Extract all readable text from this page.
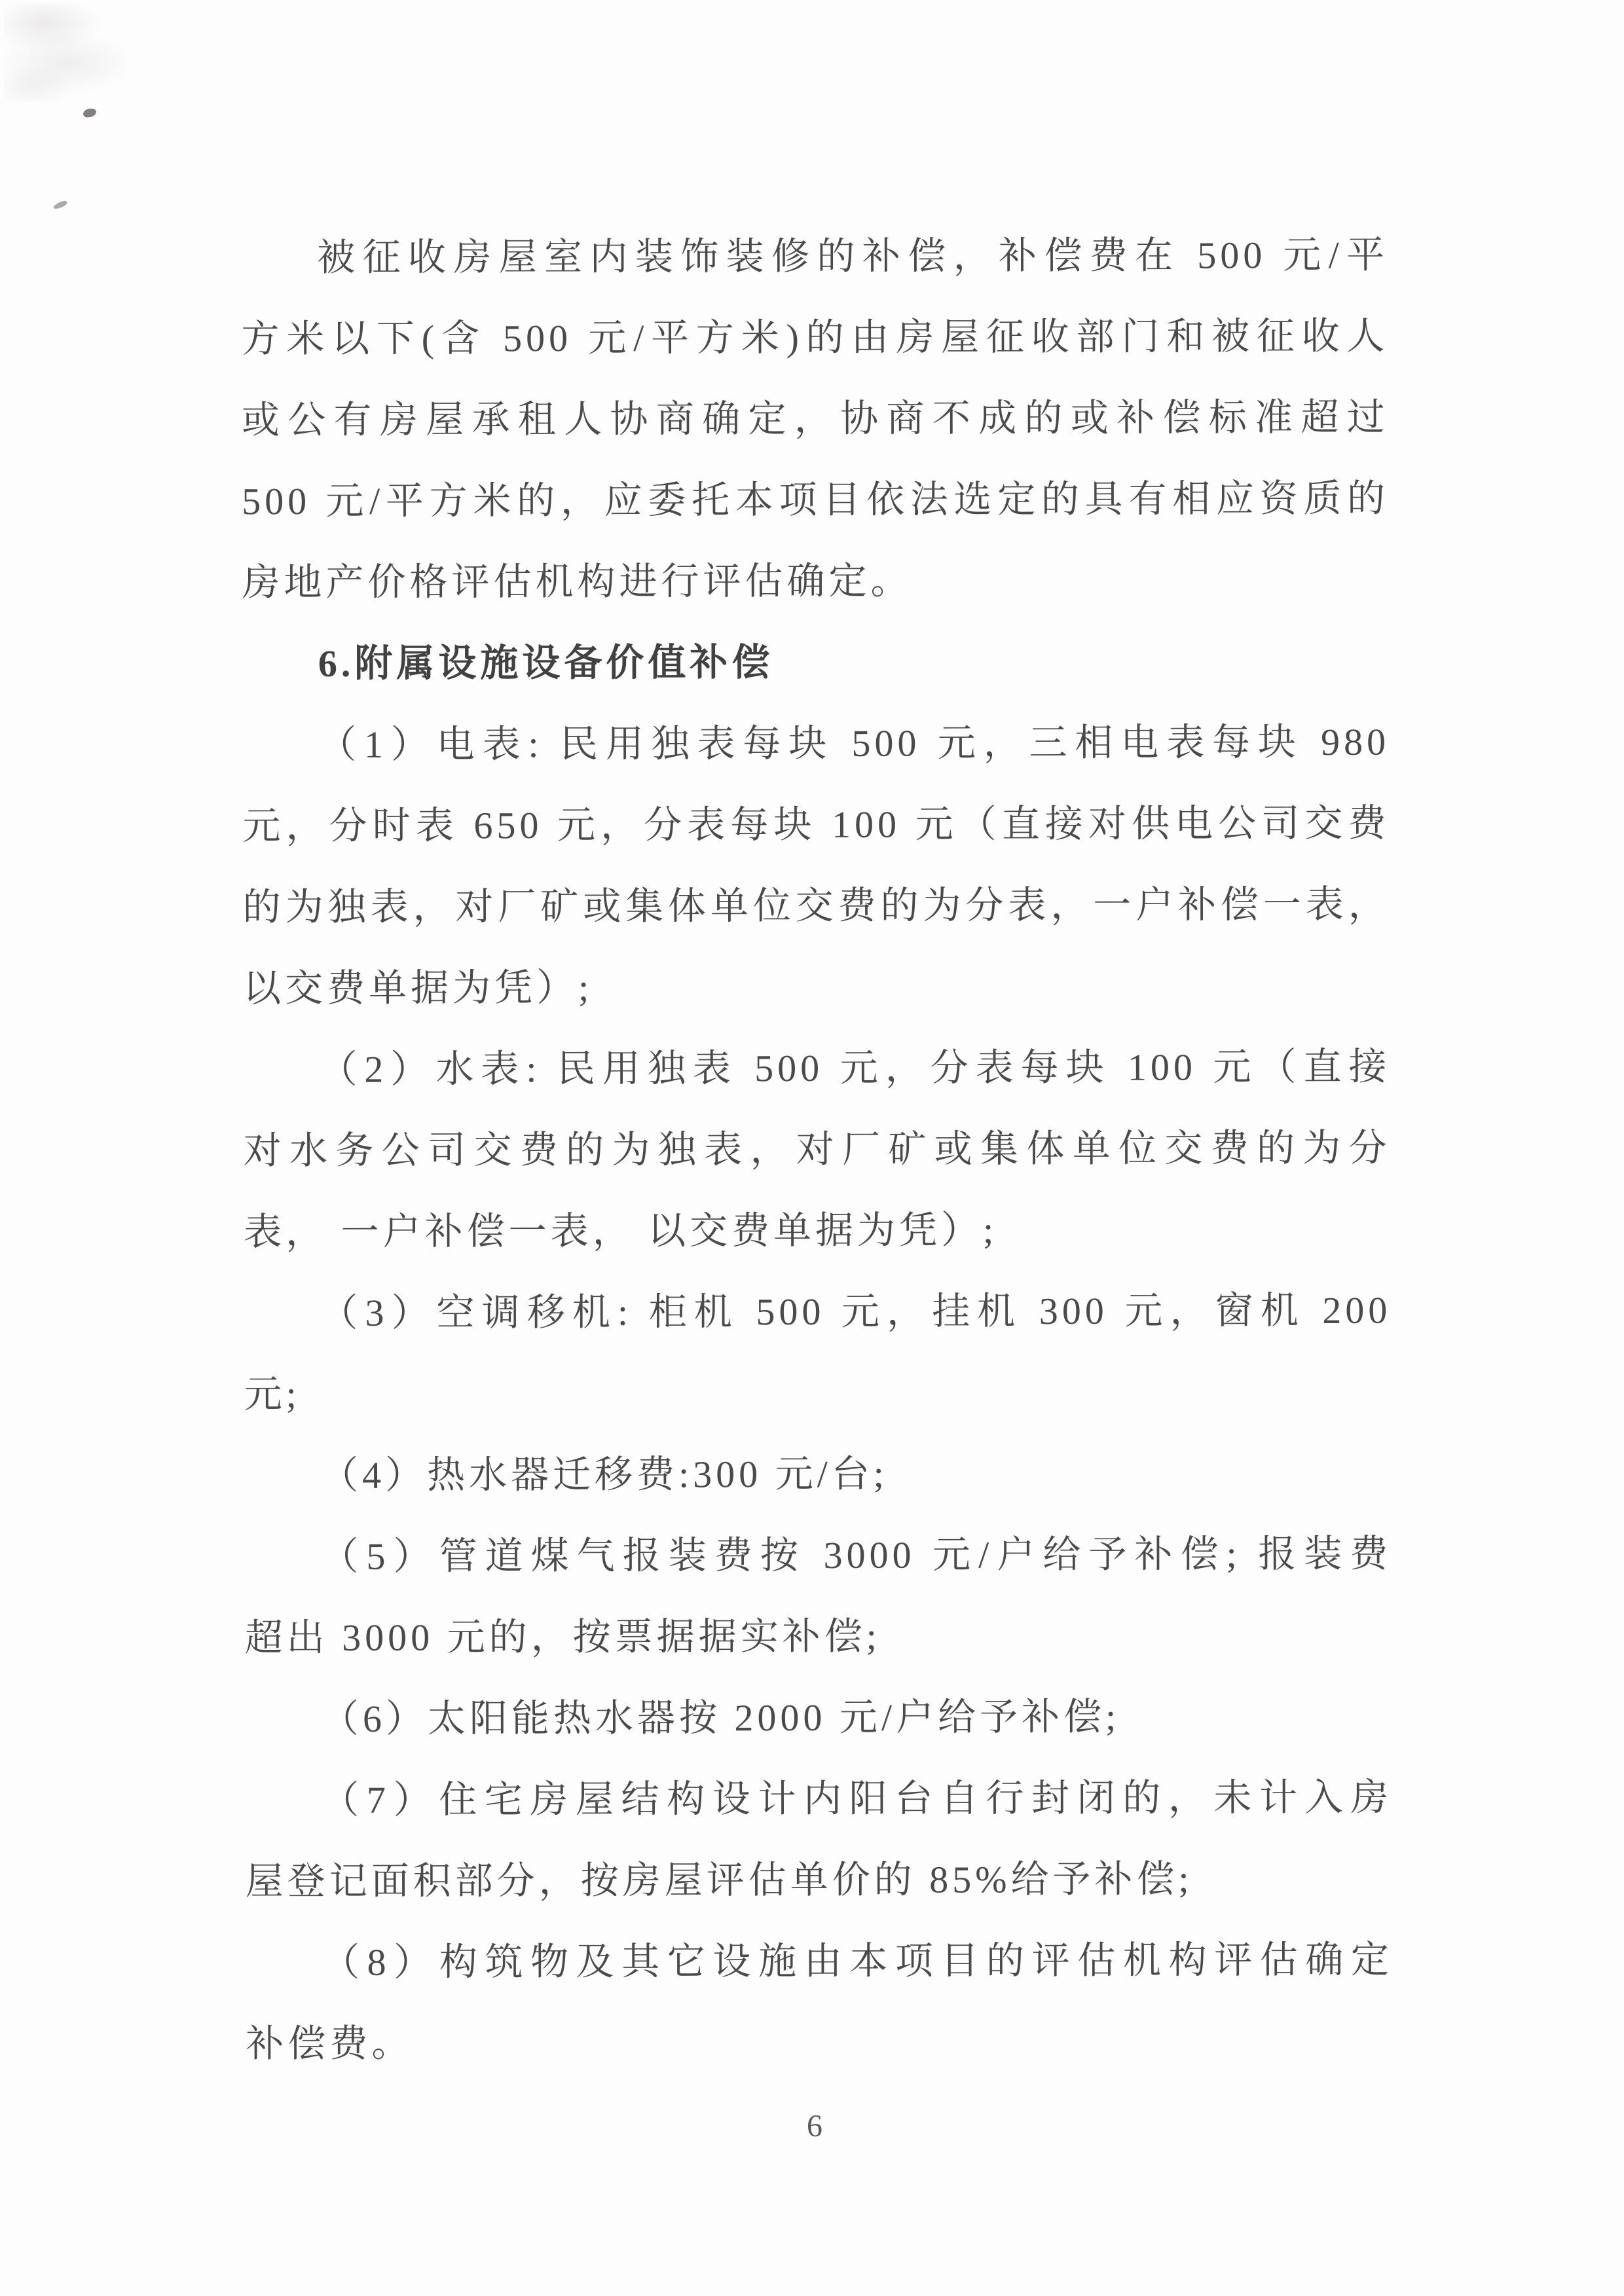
被征收房屋室内装饰装修的补偿，补偿费在 500 元/平

方米以下(含 500 元/平方米)的由房屋征收部门和被征收人

或公有房屋承租人协商确定，协商不成的或补偿标准超过

500 元/平方米的，应委托本项目依法选定的具有相应资质的

房地产价格评估机构进行评估确定。

6.附属设施设备价值补偿

（1）电表: 民用独表每块 500 元，三相电表每块 980

元，分时表 650 元，分表每块 100 元（直接对供电公司交费

的为独表，对厂矿或集体单位交费的为分表，一户补偿一表，

以交费单据为凭）;

（2）水表: 民用独表 500 元，分表每块 100 元（直接

对水务公司交费的为独表，对厂矿或集体单位交费的为分

表， 一户补偿一表， 以交费单据为凭）;

（3）空调移机: 柜机 500 元，挂机 300 元，窗机 200

元;

（4）热水器迁移费:300 元/台;

（5）管道煤气报装费按 3000 元/户给予补偿; 报装费

超出 3000 元的，按票据据实补偿;

（6）太阳能热水器按 2000 元/户给予补偿;

（7）住宅房屋结构设计内阳台自行封闭的，未计入房

屋登记面积部分，按房屋评估单价的 85%给予补偿;

（8）构筑物及其它设施由本项目的评估机构评估确定

补偿费。

6
